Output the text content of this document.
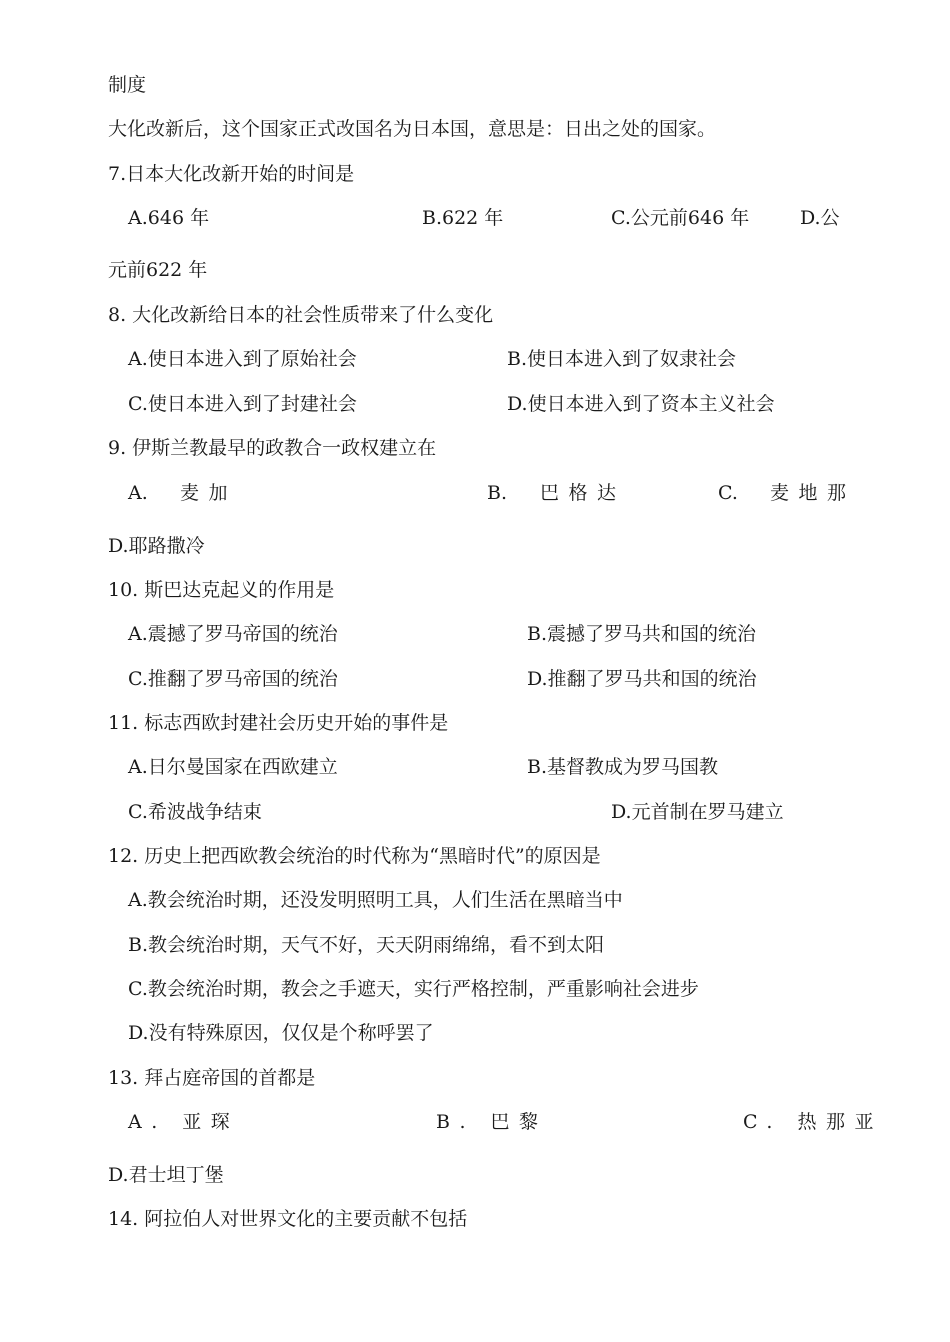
制度
大化改新后，这个国家正式改国名为日本国，意思是：日出之处的国家。
7.日本大化改新开始的时间是
A.646 年	B.622 年	C.公元前646 年	D.公
元前622 年
8. 大化改新给日本的社会性质带来了什么变化
A.使日本进入到了原始社会	B.使日本进入到了奴隶社会
C.使日本进入到了封建社会	D.使日本进入到了资本主义社会
9. 伊斯兰教最早的政教合一政权建立在
A. 麦加	B. 巴格达	C. 麦地那
D.耶路撒冷
10. 斯巴达克起义的作用是
A.震撼了罗马帝国的统治	B.震撼了罗马共和国的统治
C.推翻了罗马帝国的统治	D.推翻了罗马共和国的统治
11. 标志西欧封建社会历史开始的事件是
A.日尔曼国家在西欧建立	B.基督教成为罗马国教
C.希波战争结束	D.元首制在罗马建立
12. 历史上把西欧教会统治的时代称为“黑暗时代”的原因是
A.教会统治时期，还没发明照明工具，人们生活在黑暗当中
B.教会统治时期，天气不好，天天阴雨绵绵，看不到太阳
C.教会统治时期，教会之手遮天，实行严格控制，严重影响社会进步
D.没有特殊原因，仅仅是个称呼罢了
13. 拜占庭帝国的首都是
A. 亚琛	B. 巴黎	C. 热那亚
D.君士坦丁堡
14. 阿拉伯人对世界文化的主要贡献不包括
